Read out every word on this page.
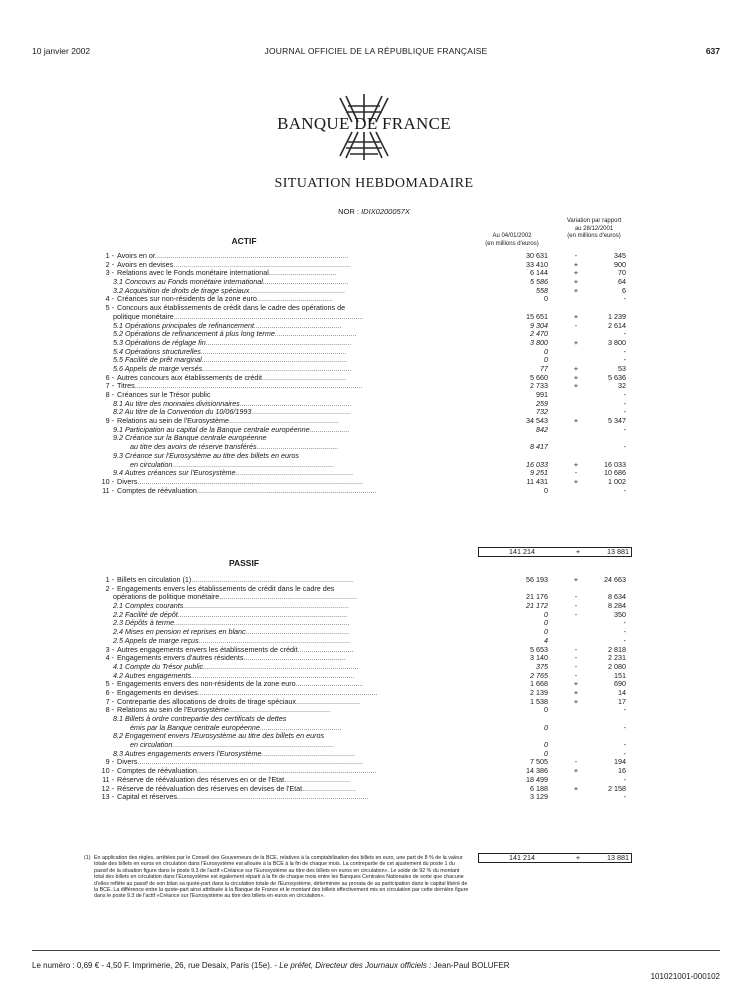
10 janvier 2002	JOURNAL OFFICIEL DE LA RÉPUBLIQUE FRANÇAISE	637
BANQUE DE FRANCE
SITUATION HEBDOMADAIRE
NOR : IDIX0200057X
Au 04/01/2002
(en millions d'euros)
Variation par rapport
au 28/12/2001
(en millions d'euros)
ACTIF
1 - Avoirs en or.................................................................................................	30 631	-	345
2 - Avoirs en devises.........................................................................................	33 410	+	900
3 - Relations avec le Fonds monétaire international..................................	6 144	+	70
3.1 Concours au Fonds monétaire international...........................................	5 586	+	64
3.2 Acquisition de droits de tirage spéciaux................................................	558	+	6
4 - Créances sur non-résidents de la zone euro......................................	0	-
5 - Concours aux établissements de crédit dans le cadre des opérations de
politique monétaire...............................................................................................	15 651	+	1 239
5.1 Opérations principales de refinancement............................................	9 304	-	2 614
5.2 Opérations de refinancement à plus long terme.........................................	2 470	-
5.3 Opérations de réglage fin.........................................................................	3 800	+	3 800
5.4 Opérations structurelles.........................................................................	0	-
5.5 Facilité de prêt marginal.........................................................................	0	-
5.6 Appels de marge versés...........................................................................	77	+	53
6 - Autres concours aux établissements de crédit..........................................	5 660	+	5 636
7 - Titres..................................................................................................................	2 733	+	32
8 - Créances sur le Trésor public	991	-
8.1 Au titre des monnaies divisionnaires........................................................	259	-
8.2 Au titre de la Convention du 10/06/1993..................................................	732	-
9 - Relations au sein de l'Eurosystème.......................................................	34 543	+	5 347
9.1 Participation au capital de la Banque centrale européenne....................	842	-
9.2 Créance sur la Banque centrale européenne
au titre des avoirs de réserve transférés.........................................	8 417	-
9.3 Créance sur l'Eurosystème au titre des billets en euros
en circulation.................................................................................	16 033	+	16 033
9.4 Autres créances sur l'Eurosystème...........................................................	9 251	-	10 686
10 - Divers.................................................................................................................	11 431	+	1 002
11 - Comptes de réévaluation..........................................................................................	0	-
141 214	+	13 881
PASSIF
1 - Billets en circulation (1).................................................................................	56 193	+	24 663
2 - Engagements envers les établissements de crédit dans le cadre des
opérations de politique monétaire.....................................................................	21 176	-	8 634
2.1 Comptes courants...................................................................................	21 172	-	8 284
2.2 Facilité de dépôt.....................................................................................	0	-	350
2.3 Dépôts à terme........................................................................................	0	-
2.4 Mises en pension et reprises en blanc....................................................	0	-
2.5 Appels de marge reçus............................................................................	4	-
3 - Autres engagements envers les établissements de crédit............................	5 653	-	2 818
4 - Engagements envers d'autres résidents...................................................	3 140	-	2 231
4.1 Compte du Trésor public..............................................................................	375	-	2 080
4.2 Autres engagements..................................................................................	2 765	-	151
5 - Engagements envers des non-résidents de la zone euro..................................	1 668	+	690
6 - Engagements en devises..........................................................................................	2 139	+	14
7 - Contrepartie des allocations de droits de tirage spéciaux................................	1 538	+	17
8 - Relations au sein de l'Eurosystème...................................................	0	-
8.1 Billets à ordre contrepartie des certificats de dettes
émis par la Banque centrale européenne.........................................	0	-
8.2 Engagement envers l'Eurosystème au titre des billets en euros
en circulation.................................................................................	0	-
8.3 Autres engagements envers l'Eurosystème...............................................	0	-
9 - Divers.................................................................................................................	7 505	-	194
10 - Comptes de réévaluation..........................................................................................	14 386	+	16
11 - Réserve de réévaluation des réserves en or de l'Etat.................................	18 499	-
12 - Réserve de réévaluation des réserves en devises de l'Etat...........................	6 188	+	2 158
13 - Capital et réserves................................................................................................	3 129	-
141 214	+	13 881
(1) En application des règles, arrêtées par le Conseil des Gouverneurs de la BCE, relatives à la comptabilisation des billets en euro, une part de 8 % de la valeur totale des billets en euros en circulation dans l'Eurosystème est allouée à la BCE à la fin de chaque mois. La contrepartie de cet ajustement du poste 1 du passif de la situation figure dans le poste 9.3 de l'actif «Créance sur l'Eurosystème au titre des billets en euros en circulation». Le solde de 92 % du montant total des billets en circulation dans l'Eurosystème est également réparti à la fin de chaque mois entre les Banques Centrales Nationales de sorte que chacune d'elles reflète au passif de son bilan sa quote-part dans la circulation totale de l'Eurosystème, déterminée au prorata de sa participation dans le capital libéré de la BCE. La différence entre la quote-part ainsi attribuée à la Banque de France et le montant des billets effectivement mis en circulation par cette dernière figure dans le poste 9.3 de l'actif «Créance sur l'Eurosystème au titre des billets en euros en circulation».
Le numéro : 0,69 € - 4,50 F. Imprimerie, 26, rue Desaix, Paris (15e). - Le préfet, Directeur des Journaux officiels : Jean-Paul BOLUFER
101021001-000102
